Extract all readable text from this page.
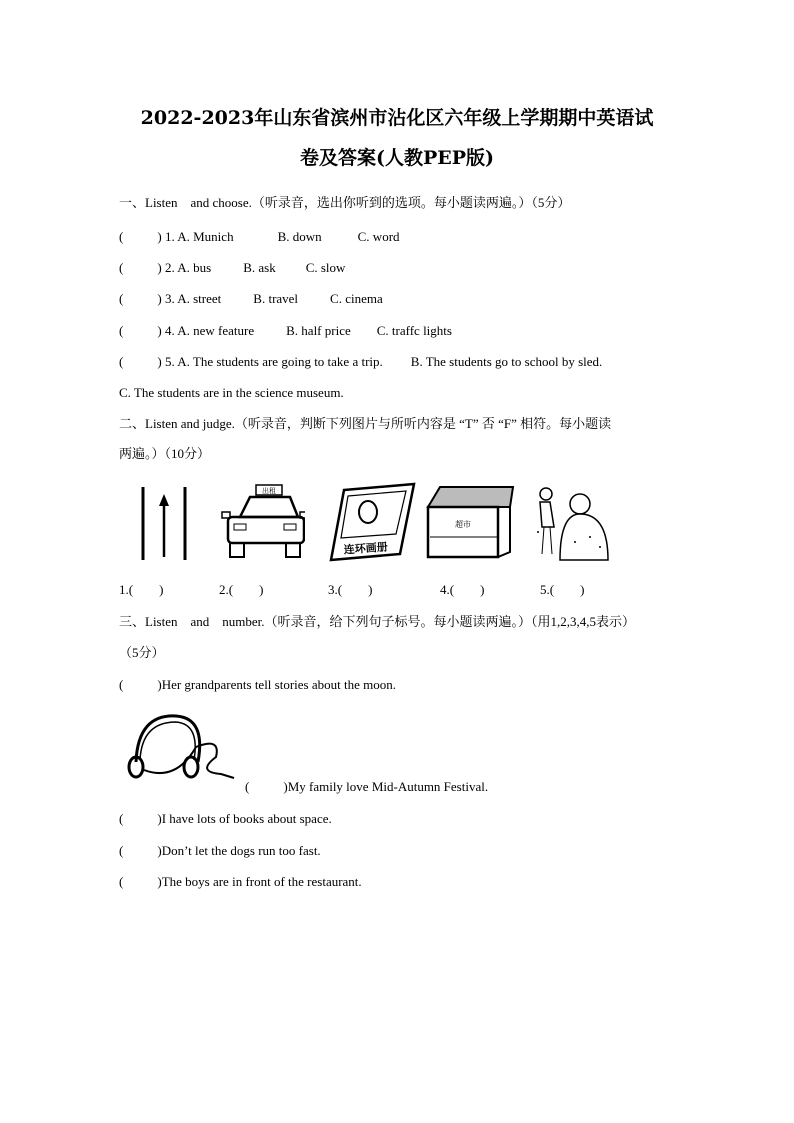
2022-2023年山东省滨州市沾化区六年级上学期期中英语试
卷及答案(人教PEP版)
一、Listen　and choose.（听录音，选出你听到的选项。每小题读两遍。）（5分）
(	) 1. A. Munich	B. down	C. word
(	) 2. A. bus B. ask C. slow
(	) 3. A. street B. travel C. cinema
(	) 4. A. new feature B. half price C. traffc lights
(	) 5. A. The students are going to take a trip. B. The students go to school by sled.
C. The students are in the science museum.
二、Listen and judge.（听录音，判断下列图片与所听内容是 “T” 否 “F” 相符。每小题读
两遍。）（10分）
出租
连环画册
超市
1.(        )	2.(        )	3.(        )	4.(        )	5.(        )
三、Listen　and　number.（听录音，给下列句子标号。每小题读两遍。）（用1,2,3,4,5表示）
（5分）
(	)Her grandparents tell stories about the moon.
(	)My family love Mid-Autumn Festival.
(	)I have lots of books about space.
(	)Don’t let the dogs run too fast.
(	)The boys are in front of the restaurant.
